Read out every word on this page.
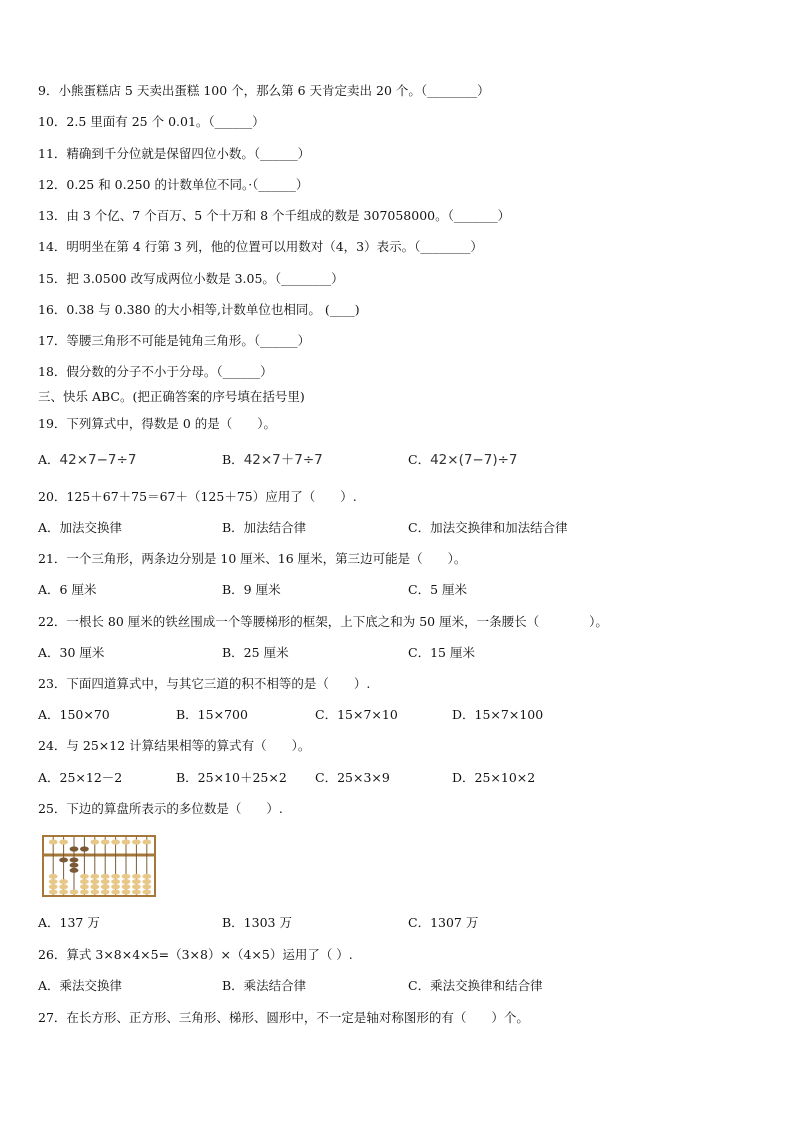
9．小熊蛋糕店 5 天卖出蛋糕 100 个，那么第 6 天肯定卖出 20 个。（________）
10．2.5 里面有 25 个 0.01。（______）
11．精确到千分位就是保留四位小数。（______）
12．0.25 和 0.250 的计数单位不同。·（______）
13．由 3 个亿、7 个百万、5 个十万和 8 个千组成的数是 307058000。（_______）
14．明明坐在第 4 行第 3 列，他的位置可以用数对（4，3）表示。（________）
15．把 3.0500 改写成两位小数是 3.05。（________）
16．0.38 与 0.380 的大小相等,计数单位也相同。 (____)
17．等腰三角形不可能是钝角三角形。（______）
18．假分数的分子不小于分母。（______）
三、快乐 ABC。(把正确答案的序号填在括号里)
19．下列算式中，得数是 0 的是（　　）。
A．42×7−7÷7	B．42×7＋7÷7	C．42×(7−7)÷7
20．125＋67＋75＝67＋（125＋75）应用了（　　）.
A．加法交换律	B．加法结合律	C．加法交换律和加法结合律
21．一个三角形，两条边分别是 10 厘米、16 厘米，第三边可能是（　　）。
A．6 厘米	B．9 厘米	C．5 厘米
22．一根长 80 厘米的铁丝围成一个等腰梯形的框架，上下底之和为 50 厘米，一条腰长（　　　　）。
A．30 厘米	B．25 厘米	C．15 厘米
23．下面四道算式中，与其它三道的积不相等的是（　　）.
A．150×70	B．15×700	C．15×7×10	D．15×7×100
24．与 25×12 计算结果相等的算式有（　　）。
A．25×12－2	B．25×10＋25×2 C．25×3×9	D．25×10×2
25．下边的算盘所表示的多位数是（　　）.
A．137 万	B．1303 万	C．1307 万
26．算式 3×8×4×5=（3×8）×（4×5）运用了（ ）.
A．乘法交换律	B．乘法结合律	C．乘法交换律和结合律
27．在长方形、正方形、三角形、梯形、圆形中，不一定是轴对称图形的有（　　）个。
